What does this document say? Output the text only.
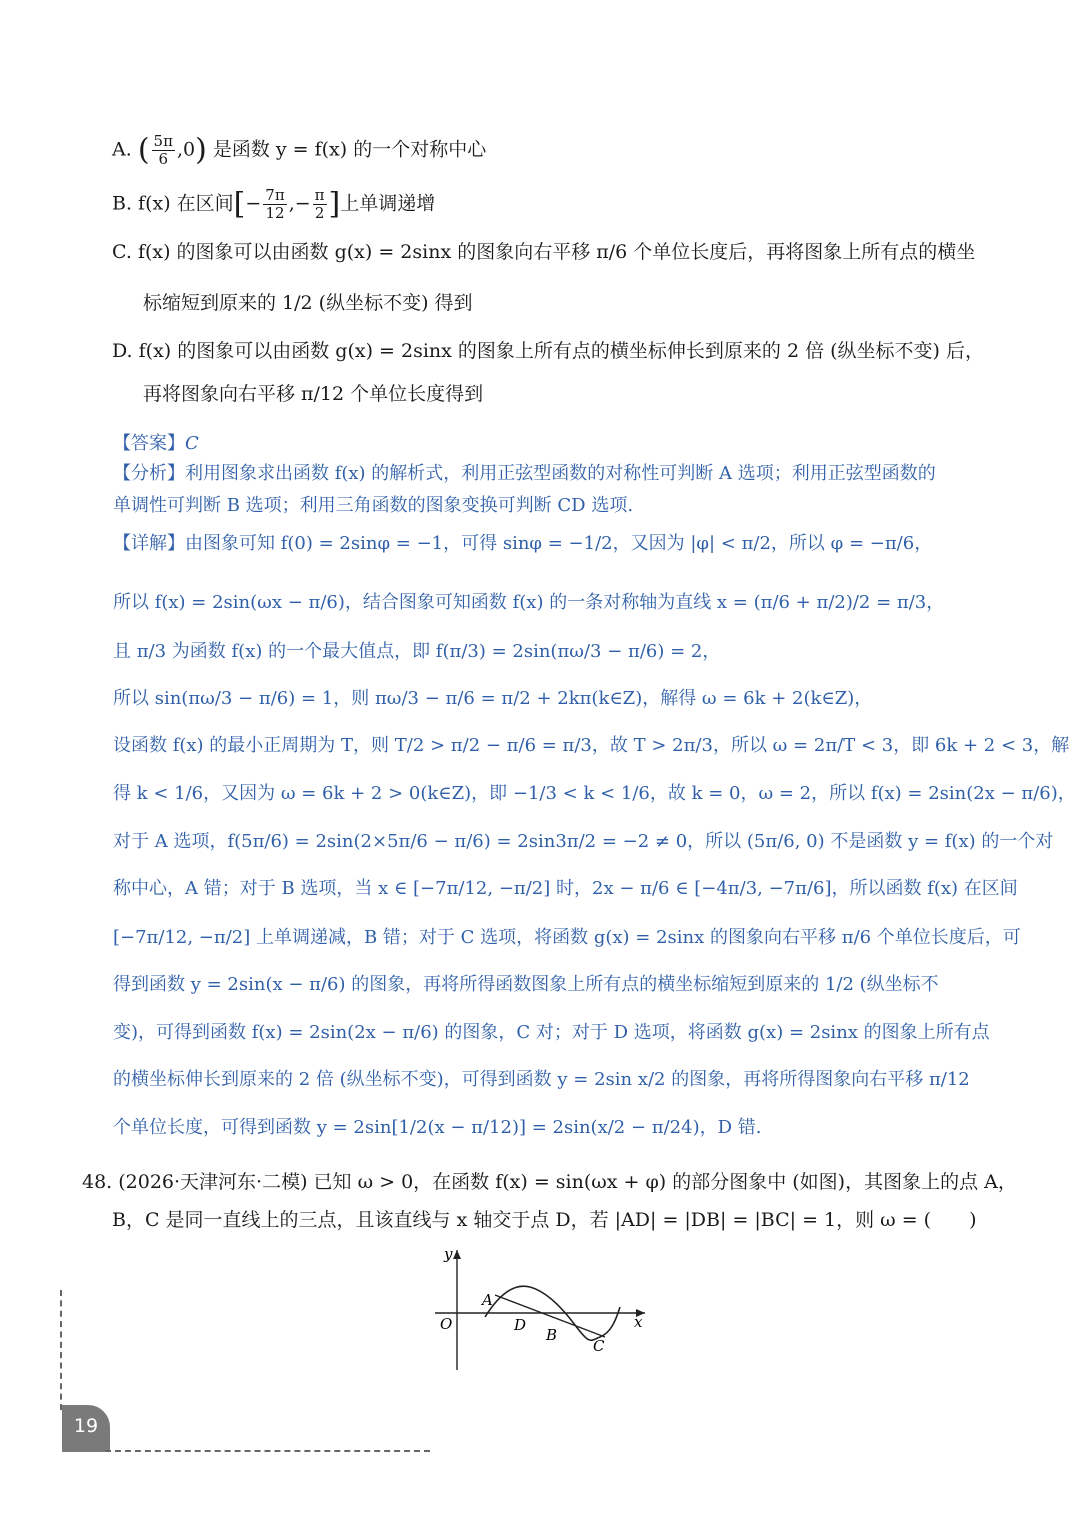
A. ( $\frac{5\pi}{6} ,0$) 是函数 y = f(x) 的一个对称中心
B. f(x) 在区间[− $\frac{7\pi}{12}$ ,− $\frac{\pi}{2}$ ]上单调递增
C. f(x) 的图象可以由函数 g(x) = 2sinx 的图象向右平移 π/6 个单位长度后，再将图象上所有点的横坐
标缩短到原来的 1/2 (纵坐标不变) 得到
D. f(x) 的图象可以由函数 g(x) = 2sinx 的图象上所有点的横坐标伸长到原来的 2 倍 (纵坐标不变) 后，
再将图象向右平移 π/12 个单位长度得到
【答案】C
【分析】利用图象求出函数 f(x) 的解析式，利用正弦型函数的对称性可判断 A 选项；利用正弦型函数的
单调性可判断 B 选项；利用三角函数的图象变换可判断 CD 选项.
【详解】由图象可知 f(0) = 2sinφ = −1，可得 sinφ = −1/2，又因为 |φ| < π/2，所以 φ = −π/6，
所以 f(x) = 2sin(ωx − π/6)，结合图象可知函数 f(x) 的一条对称轴为直线 x = (π/6 + π/2)/2 = π/3，
且 π/3 为函数 f(x) 的一个最大值点，即 f(π/3) = 2sin(πω/3 − π/6) = 2，
所以 sin(πω/3 − π/6) = 1，则 πω/3 − π/6 = π/2 + 2kπ(k∈Z)，解得 ω = 6k + 2(k∈Z)，
设函数 f(x) 的最小正周期为 T，则 T/2 > π/2 − π/6 = π/3，故 T > 2π/3，所以 ω = 2π/T < 3，即 6k + 2 < 3，解
得 k < 1/6，又因为 ω = 6k + 2 > 0(k∈Z)，即 −1/3 < k < 1/6，故 k = 0，ω = 2，所以 f(x) = 2sin(2x − π/6)，
对于 A 选项，f(5π/6) = 2sin(2×5π/6 − π/6) = 2sin3π/2 = −2 ≠ 0，所以 (5π/6, 0) 不是函数 y = f(x) 的一个对
称中心，A 错；对于 B 选项，当 x ∈ [−7π/12, −π/2] 时，2x − π/6 ∈ [−4π/3, −7π/6]，所以函数 f(x) 在区间
[−7π/12, −π/2] 上单调递减，B 错；对于 C 选项，将函数 g(x) = 2sinx 的图象向右平移 π/6 个单位长度后，可
得到函数 y = 2sin(x − π/6) 的图象，再将所得函数图象上所有点的横坐标缩短到原来的 1/2 (纵坐标不
变)，可得到函数 f(x) = 2sin(2x − π/6) 的图象，C 对；对于 D 选项，将函数 g(x) = 2sinx 的图象上所有点
的横坐标伸长到原来的 2 倍 (纵坐标不变)，可得到函数 y = 2sin x/2 的图象，再将所得图象向右平移 π/12
个单位长度，可得到函数 y = 2sin[1/2(x − π/12)] = 2sin(x/2 − π/24)，D 错.
48. (2026·天津河东·二模) 已知 ω > 0，在函数 f(x) = sin(ωx + φ) 的部分图象中 (如图)，其图象上的点 A，
B，C 是同一直线上的三点，且该直线与 x 轴交于点 D，若 |AD| = |DB| = |BC| = 1，则 ω = (　　)
y
x
O
A
D
B
C
19
